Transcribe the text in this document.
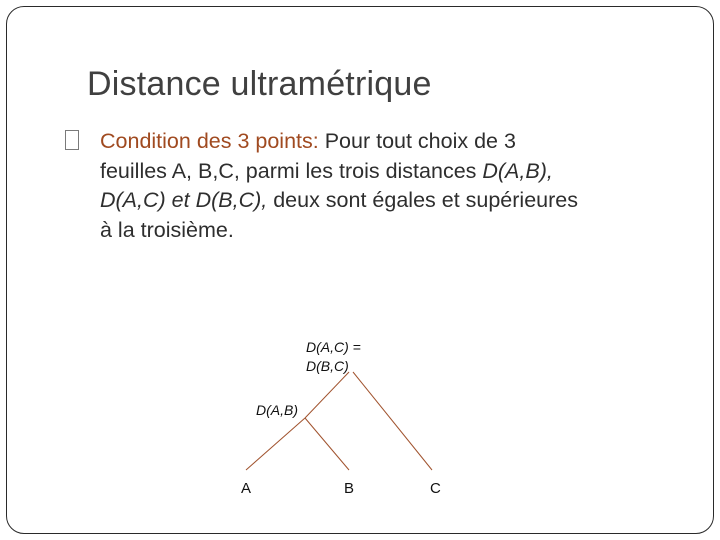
Distance ultramétrique
Condition des 3 points: Pour tout choix de 3
feuilles A, B,C, parmi les trois distances D(A,B),
D(A,C) et D(B,C), deux sont égales et supérieures
à la troisième.
D(A,C) =
D(B,C)
D(A,B)
A	B	C
